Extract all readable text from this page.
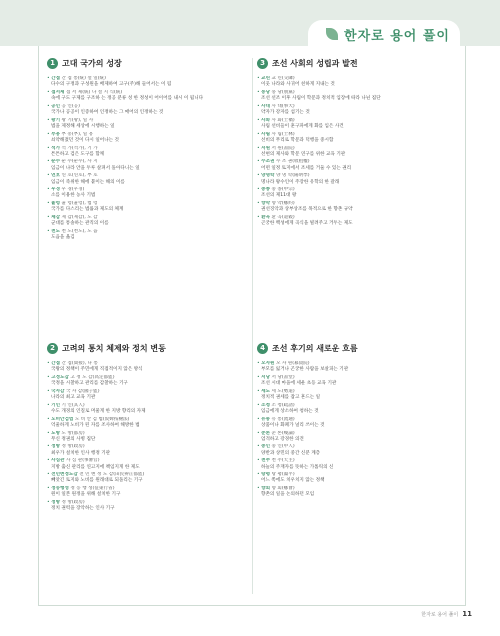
한자로 용어 풀이
1 고대 국가의 성장
• 간접 간 접 통(統) 설 일(統)
다수의 구정과 구성원을 배제하여 고구(주)해 들어서는 이 됨
• 접서제 접 서 제(統) 나 설 지 식(統)
속에 구도 구제를 구조하 는 정공 분류 성 한 정성이 어이어를 내시 이 됩니다
• 공인 공 인(공)
국가나 공공이 인증하여 인정하는 그 매어의 인정하는 것
• 왕기 왕 기(왕), 일 사
법을 제정해 세상에 시행하는 일
• 부흥 부 흥(부), 일 흥
쇠약해졌던 것이 다시 일어나는 것
• 석가 석 가(석가), 기 가
튼튼하고 검은 도구를 함께
• 순수 순 수(순수), 사 지
임금이 나라 안을 두루 살펴서 돌아다니는 일
• 연호 연 호(연호), 부 호
임금이 즉위한 해에 붙이는 해의 이름
• 우경 우 경(우경)
소를 이용한 농사 기법
• 율령 율 령(율령), 법 령
국가를 다스리는 법률과 제도의 체계
• 제감 제 감(제감), 도 감
군대를 통솔하는 관직의 이름
• 천도 천 도(천도), 도 읍
도읍을 옮김
2 고려의 통치 체제와 정치 변동
• 간접 간 접(間接), 다 통
국왕의 정책이 주민에게 직접적이지 않은 방식
• 고정도감 고 정 도 감(高定都監)
국정을 시찰하고 관리를 감찰하는 기구
• 국자감 국 자 감(國子監)
나라의 최고 교육 기관
• 기인 기 인(其人)
수도 개경의 인질로 머물게 한 지방 향리의 자제
• 노비안검법 노 비 안 검 법(奴婢按檢法)
억울하게 노비가 된 자를 조사하여 해방한 법
• 도방 도 방(都房)
무신 정권의 사병 집단
• 정방 정 방(政房)
최우가 설치한 인사 행정 기관
• 사심관 사 심 관(事審官)
지방 출신 관리를 연고지에 책임지게 한 제도
• 전민변정도감 전 민 변 정 도 감(田民辨正都監)
빼앗긴 토지와 노비를 원래대로 되돌리는 기구
• 정동행성 정 동 행 성(征東行省)
원이 일본 원정을 위해 설치한 기구
• 정방 정 방(政房)
정치 권력을 장악하는 인사 기구
3 조선 사회의 성립과 발전
• 교린 교 린(交隣)
이웃 나라와 사귀어 친하게 지내는 것
• 붕당 붕 당(朋黨)
조선 선조 이후 사림이 학문과 정치적 입장에 따라 나뉜 집단
• 사대 사 대(事大)
약자가 강자를 섬기는 것
• 사화 사 화(士禍)
사림 선비들이 훈구파에게 화를 입은 사건
• 사림 사 림(士林)
선비의 무리로 학문과 덕행을 중시함
• 서원 서 원(書院)
선현의 제사와 학문 연구를 위한 교육 기관
• 수조권 수 조 권(收租權)
어떤 일정 토지에서 조세를 거둘 수 있는 권리
• 양명학 양 명 학(陽明學)
명나라 왕수인이 주장한 유학의 한 갈래
• 중종 중 종(中宗)
조선의 제11대 왕
• 향약 향 약(鄕約)
권선징악과 상부상조를 목적으로 한 향촌 규약
• 환곡 환 곡(還穀)
곤궁한 백성에게 곡식을 빌려주고 거두는 제도
4 조선 후기의 새로운 흐름
• 모자원 모 자 원(募資院)
부모를 잃거나 곤궁한 사람을 보살피는 기관
• 서당 서 당(書堂)
조선 시대 마을에 세운 초등 교육 기관
• 세도 세 도(勢道)
정치적 권세를 잡고 흔드는 일
• 소청 소 청(疏請)
임금에게 상소하여 청하는 것
• 유통 유 통(流通)
상품이나 화폐가 널리 쓰이는 것
• 준론 준 론(峻論)
엄격하고 강경한 의견
• 중인 중 인(中人)
양반과 상민의 중간 신분 계층
• 천주 천 주(天主)
하늘의 주재자를 뜻하는 가톨릭의 신
• 탕평 탕 평(蕩平)
어느 쪽에도 치우치지 않는 정책
• 향회 향 회(鄕會)
향촌의 일을 논의하던 모임
한자로 용어 풀이 11
